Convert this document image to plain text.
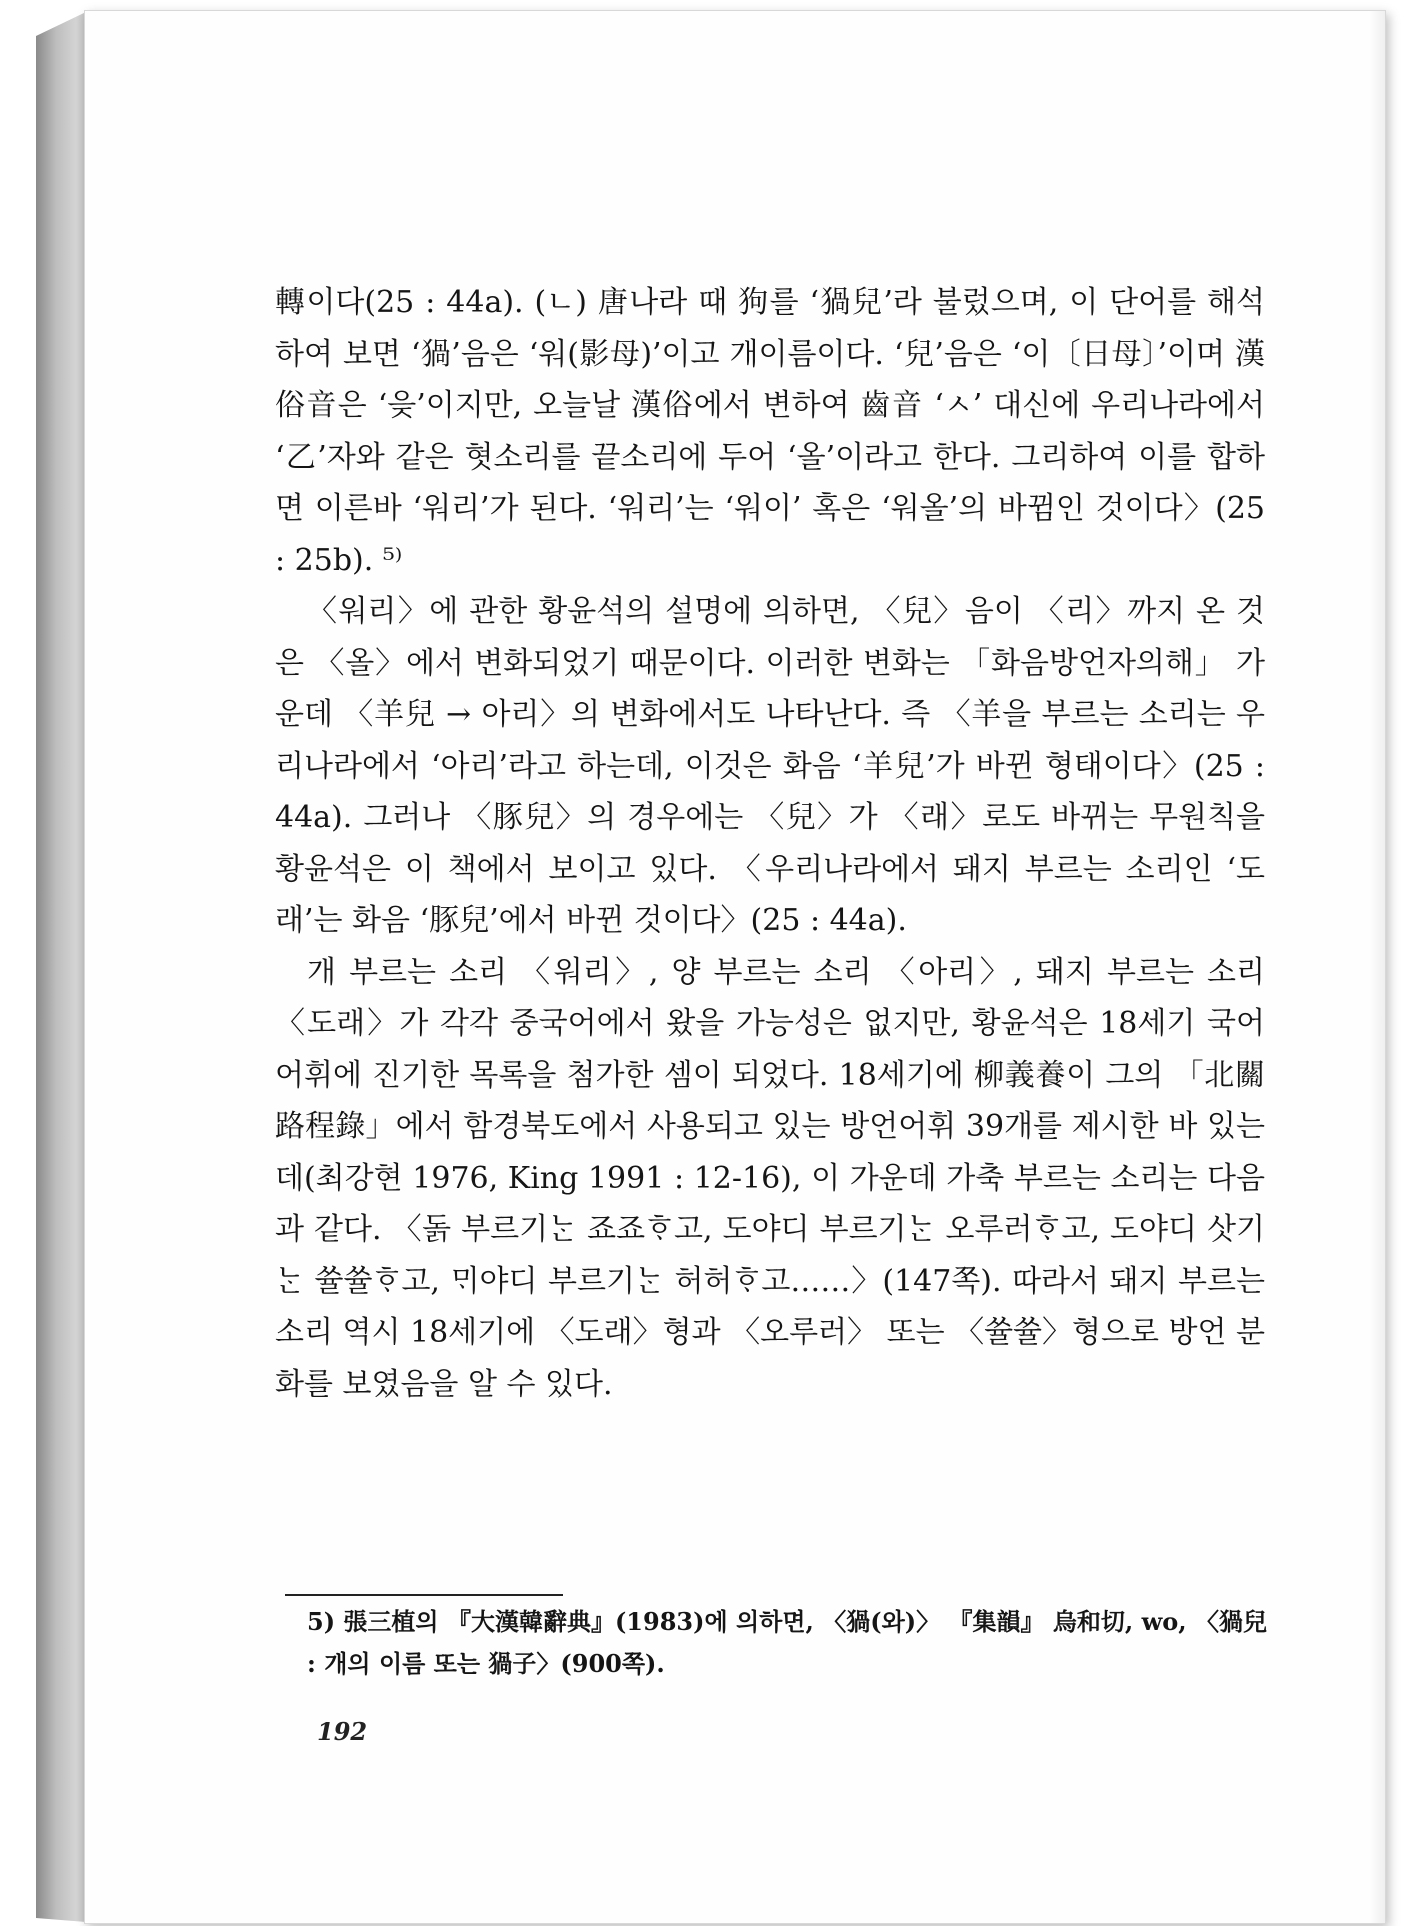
轉이다(25 : 44a). (ㄴ) 唐나라 때 狗를 ‘猧兒’라 불렀으며, 이 단어를 해석하여 보면 ‘猧’음은 ‘워(影母)’이고 개이름이다. ‘兒’음은 ‘이〔日母〕’이며 漢俗音은 ‘읒’이지만, 오늘날 漢俗에서 변하여 齒音 ‘ㅅ’ 대신에 우리나라에서 ‘乙’자와 같은 혓소리를 끝소리에 두어 ‘올’이라고 한다. 그리하여 이를 합하면 이른바 ‘워리’가 된다. ‘워리’는 ‘워이’ 혹은 ‘워올’의 바뀜인 것이다〉(25 : 25b). ⁵⁾

〈워리〉에 관한 황윤석의 설명에 의하면, 〈兒〉음이 〈리〉까지 온 것은 〈올〉에서 변화되었기 때문이다. 이러한 변화는 「화음방언자의해」 가운데 〈羊兒 → 아리〉의 변화에서도 나타난다. 즉 〈羊을 부르는 소리는 우리나라에서 ‘아리’라고 하는데, 이것은 화음 ‘羊兒’가 바뀐 형태이다〉(25 : 44a). 그러나 〈豚兒〉의 경우에는 〈兒〉가 〈래〉로도 바뀌는 무원칙을 황윤석은 이 책에서 보이고 있다. 〈우리나라에서 돼지 부르는 소리인 ‘도래’는 화음 ‘豚兒’에서 바뀐 것이다〉(25 : 44a).

개 부르는 소리 〈워리〉, 양 부르는 소리 〈아리〉, 돼지 부르는 소리 〈도래〉가 각각 중국어에서 왔을 가능성은 없지만, 황윤석은 18세기 국어 어휘에 진기한 목록을 첨가한 셈이 되었다. 18세기에 柳義養이 그의 「北關路程錄」에서 함경북도에서 사용되고 있는 방언어휘 39개를 제시한 바 있는데(최강현 1976, King 1991 : 12-16), 이 가운데 가축 부르는 소리는 다음과 같다. 〈돍 부르기ᄂᆞᆫ 죠죠ᄒᆞ고, 도야디 부르기ᄂᆞᆫ 오루러ᄒᆞ고, 도야디 삿기ᄂᆞᆫ 쓜쓜ᄒᆞ고, ᄆᆡ야디 부르기ᄂᆞᆫ 허허ᄒᆞ고……〉(147쪽). 따라서 돼지 부르는 소리 역시 18세기에 〈도래〉형과 〈오루러〉 또는 〈쓜쓜〉형으로 방언 분화를 보였음을 알 수 있다.

5) 張三植의 『大漢韓辭典』(1983)에 의하면, 〈猧(와)〉 『集韻』 烏和切, wo, 〈猧兒 : 개의 이름 또는 猧子〉(900쪽).

192
